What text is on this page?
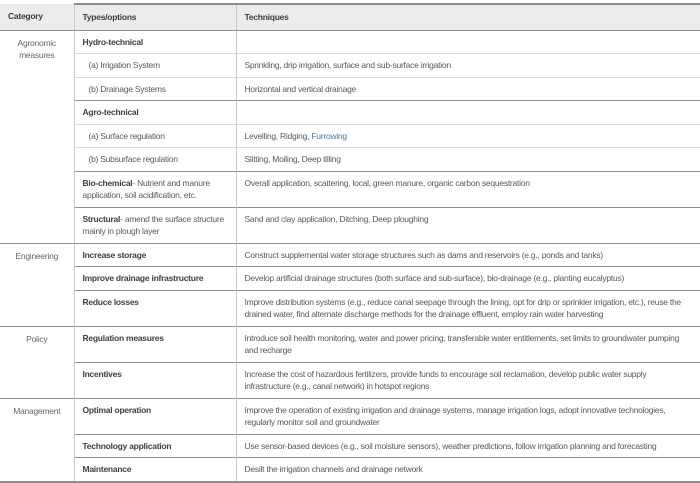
Category	Types/options	Techniques
Agronomic measures	Hydro-technical	
	(a) Irrigation System	Sprinkling, drip irrigation, surface and sub-surface irrigation
	(b) Drainage Systems	Horizontal and vertical drainage
	Agro-technical	
	(a) Surface regulation	Levelling, Ridging, Furrowing
	(b) Subsurface regulation	Slitting, Moiling, Deep tilling
	Bio-chemical- Nutrient and manure application, soil acidification, etc.	Overall application, scattering, local, green manure, organic carbon sequestration
	Structural- amend the surface structure mainly in plough layer	Sand and clay application, Ditching, Deep ploughing
Engineering	Increase storage	Construct supplemental water storage structures such as dams and reservoirs (e.g., ponds and tanks)
	Improve drainage infrastructure	Develop artificial drainage structures (both surface and sub-surface), bio-drainage (e.g., planting eucalyptus)
	Reduce losses	Improve distribution systems (e.g., reduce canal seepage through the lining, opt for drip or sprinkler irrigation, etc.), reuse the drained water, find alternate discharge methods for the drainage effluent, employ rain water harvesting
Policy	Regulation measures	Introduce soil health monitoring, water and power pricing, transferable water entitlements, set limits to groundwater pumping and recharge
	Incentives	Increase the cost of hazardous fertilizers, provide funds to encourage soil reclamation, develop public water supply infrastructure (e.g., canal network) in hotspot regions
Management	Optimal operation	Improve the operation of existing irrigation and drainage systems, manage irrigation logs, adopt innovative technologies, regularly monitor soil and groundwater
	Technology application	Use sensor-based devices (e.g., soil moisture sensors), weather predictions, follow irrigation planning and forecasting
	Maintenance	Desilt the irrigation channels and drainage network
